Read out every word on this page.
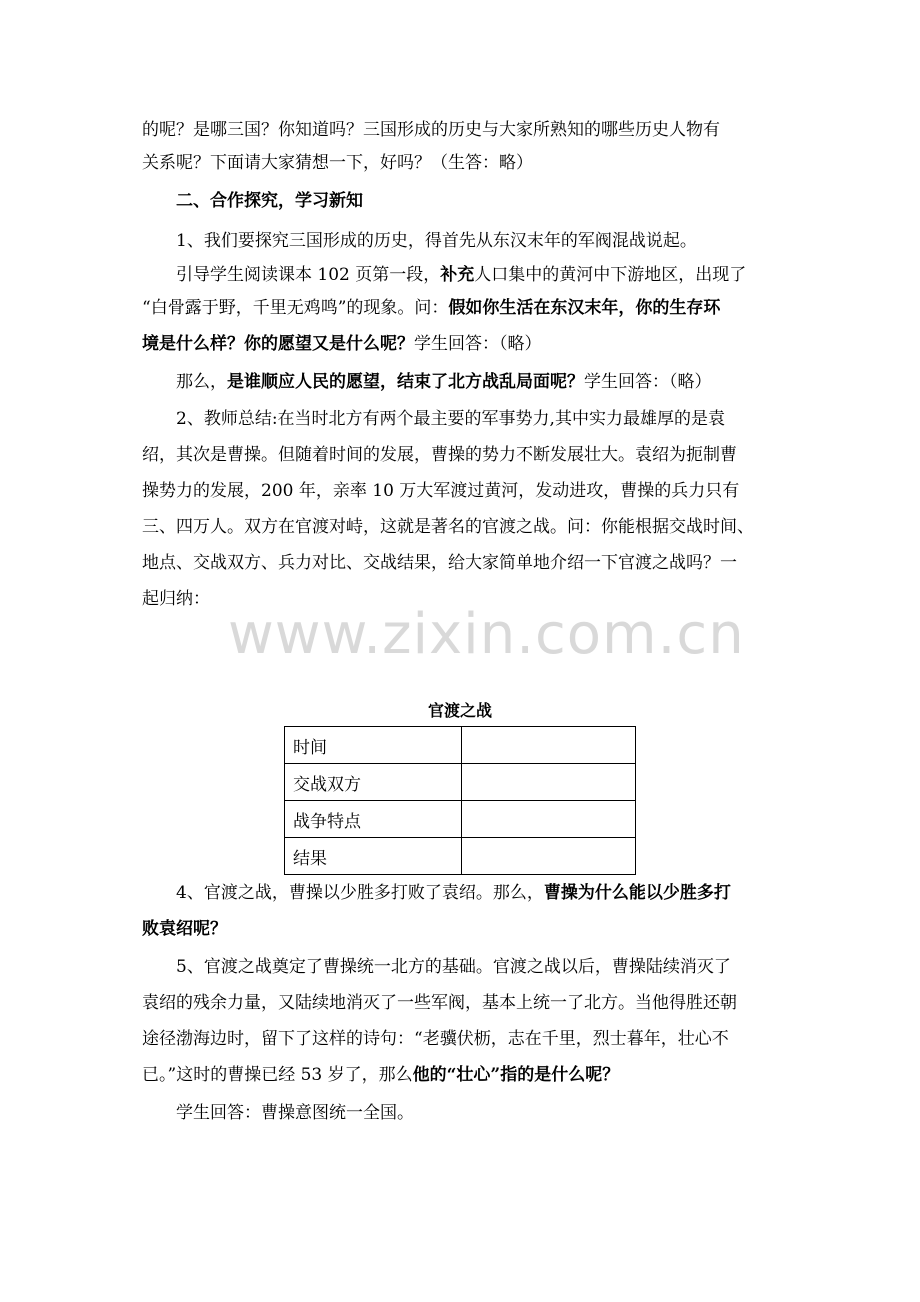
的呢？是哪三国？你知道吗？三国形成的历史与大家所熟知的哪些历史人物有

关系呢？下面请大家猜想一下，好吗？（生答：略）

二、合作探究，学习新知

1、我们要探究三国形成的历史，得首先从东汉末年的军阀混战说起。

引导学生阅读课本 102 页第一段，补充人口集中的黄河中下游地区，出现了

“白骨露于野，千里无鸡鸣”的现象。问：假如你生活在东汉末年，你的生存环

境是什么样？你的愿望又是什么呢？学生回答：（略）

那么，是谁顺应人民的愿望，结束了北方战乱局面呢？学生回答：（略）

2、教师总结:在当时北方有两个最主要的军事势力,其中实力最雄厚的是袁

绍，其次是曹操。但随着时间的发展，曹操的势力不断发展壮大。袁绍为扼制曹

操势力的发展，200 年，亲率 10 万大军渡过黄河，发动进攻，曹操的兵力只有

三、四万人。双方在官渡对峙，这就是著名的官渡之战。问：你能根据交战时间、

地点、交战双方、兵力对比、交战结果，给大家简单地介绍一下官渡之战吗？一

起归纳：

www.zixin.com.cn
官渡之战
时间	
交战双方	
战争特点	
结果	

4、官渡之战，曹操以少胜多打败了袁绍。那么，曹操为什么能以少胜多打

败袁绍呢？

5、官渡之战奠定了曹操统一北方的基础。官渡之战以后，曹操陆续消灭了

袁绍的残余力量，又陆续地消灭了一些军阀，基本上统一了北方。当他得胜还朝

途径渤海边时，留下了这样的诗句：“老骥伏枥，志在千里，烈士暮年，壮心不

已。”这时的曹操已经 53 岁了，那么他的“壮心”指的是什么呢？

学生回答：曹操意图统一全国。
